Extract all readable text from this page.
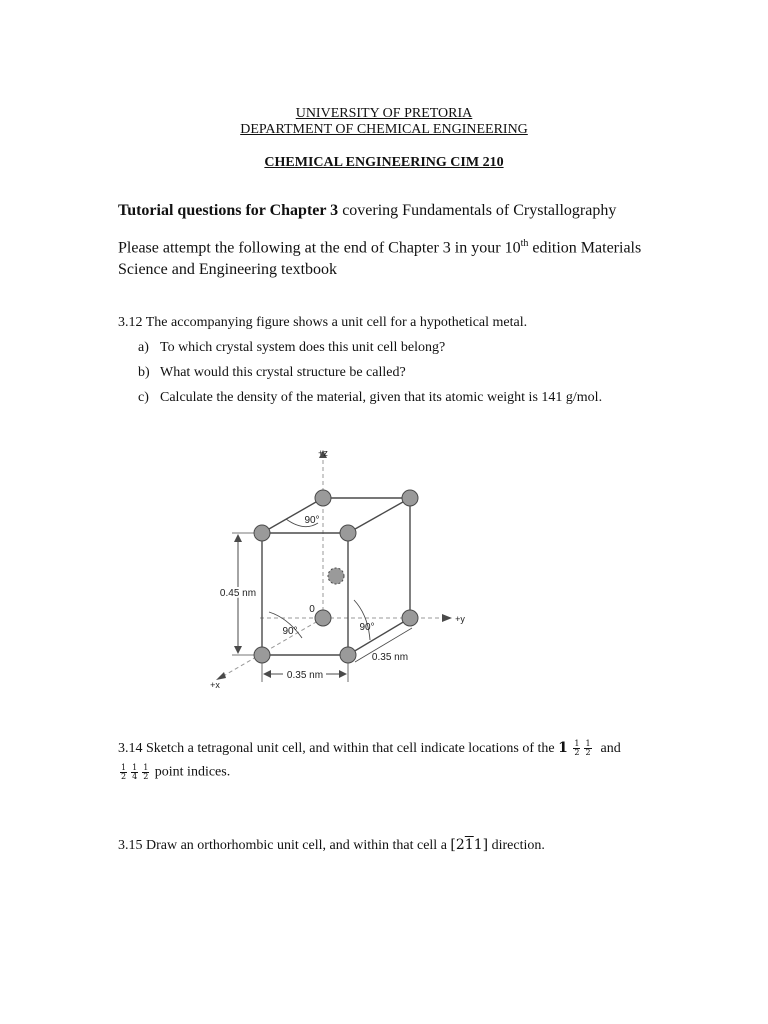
UNIVERSITY OF PRETORIA
DEPARTMENT OF CHEMICAL ENGINEERING
CHEMICAL ENGINEERING CIM 210
Tutorial questions for Chapter 3 covering Fundamentals of Crystallography
Please attempt the following at the end of Chapter 3 in your 10th edition Materials Science and Engineering textbook
3.12 The accompanying figure shows a unit cell for a hypothetical metal.
a) To which crystal system does this unit cell belong?
b) What would this crystal structure be called?
c) Calculate the density of the material, given that its atomic weight is 141 g/mol.
0.45 nm
0.35 nm
0.35 nm
90°
90°	90°
+z
+y
+x
0
3.14 Sketch a tetragonal unit cell, and within that cell indicate locations of the $1 \frac{1}{2} \frac{1}{2}$ and
$\frac{1}{2} \frac{1}{4} \frac{1}{2}$ point indices.
3.15 Draw an orthorhombic unit cell, and within that cell a [211] direction.
